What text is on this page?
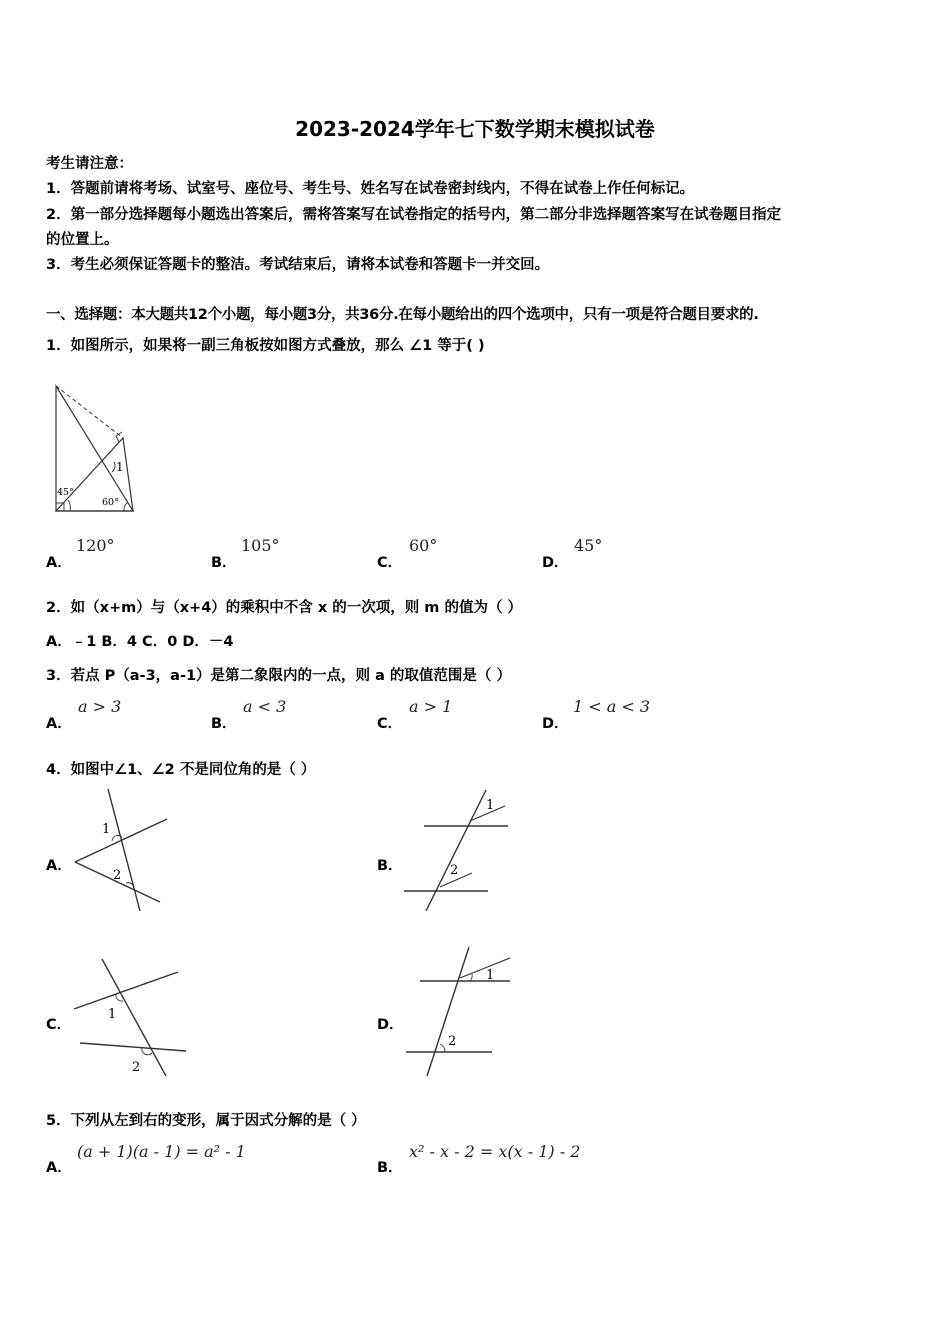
2023-2024学年七下数学期末模拟试卷
考生请注意：
1．答题前请将考场、试室号、座位号、考生号、姓名写在试卷密封线内，不得在试卷上作任何标记。
2．第一部分选择题每小题选出答案后，需将答案写在试卷指定的括号内，第二部分非选择题答案写在试卷题目指定
的位置上。
3．考生必须保证答题卡的整洁。考试结束后，请将本试卷和答题卡一并交回。
一、选择题：本大题共12个小题，每小题3分，共36分.在每小题给出的四个选项中，只有一项是符合题目要求的.
1．如图所示，如果将一副三角板按如图方式叠放，那么 ∠1 等于( )
1
45°
60°
A．
120°
B．
105°
C．
60°
D．
45°
2．如（x+m）与（x+4）的乘积中不含 x 的一次项，则 m 的值为（ ）
A．﹣1 B．4 C．0 D．－4
3．若点 P（a-3，a-1）是第二象限内的一点，则 a 的取值范围是（ ）
A．
a > 3
B．
a < 3
C．
a > 1
D．
1 < a < 3
4．如图中∠1、∠2 不是同位角的是（ ）
A．
1
2
B．
1
2
C．
1
2
D．
1
2
5．下列从左到右的变形，属于因式分解的是（ ）
A．
(a + 1)(a - 1) = a² - 1
B．
x² - x - 2 = x(x - 1) - 2
